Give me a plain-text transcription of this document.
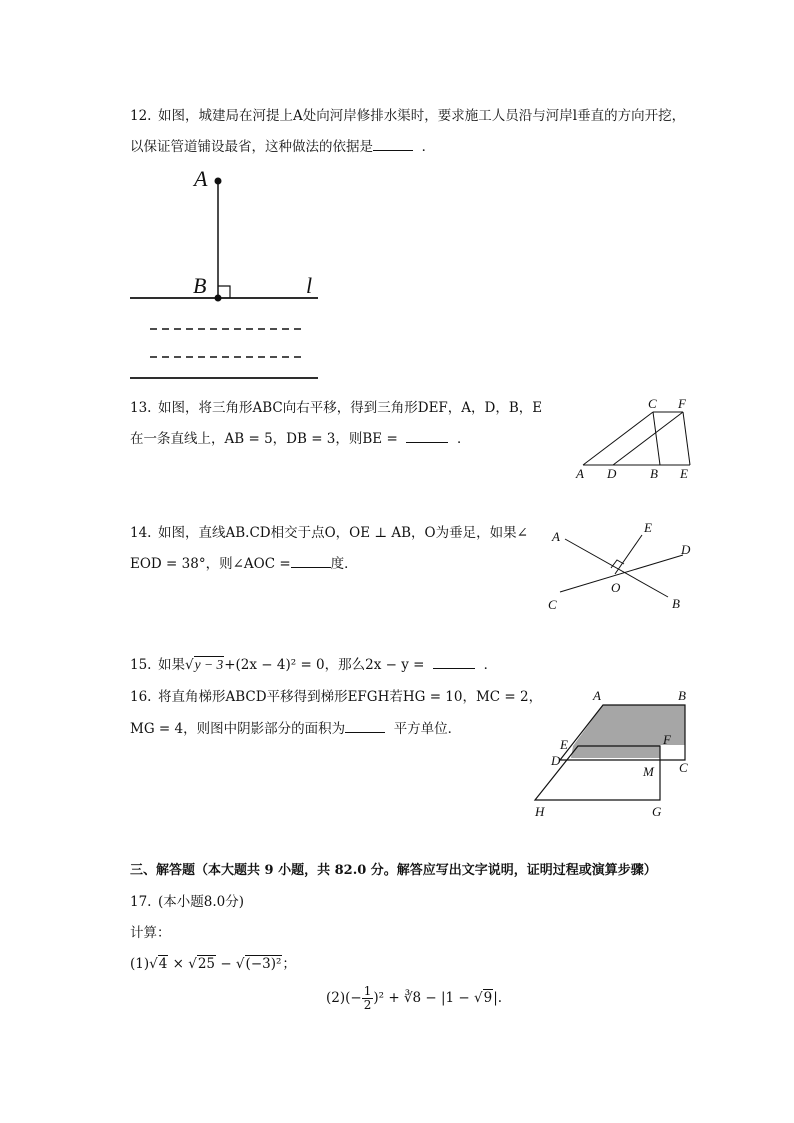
12. 如图，城建局在河提上A处向河岸修排水渠时，要求施工人员沿与河岸l垂直的方向开挖，
以保证管道铺设最省，这种做法的依据是	．
A
B	l
13. 如图，将三角形ABC向右平移，得到三角形DEF，A，D，B，E
在一条直线上，AB = 5，DB = 3，则BE =	．
C F
A D	B E
14. 如图，直线AB.CD相交于点O，OE ⊥ AB，O为垂足，如果∠
EOD = 38°，则∠AOC =	度．
A
E
D
O
C	B
15. 如果√y − 3+(2x − 4)² = 0，那么2x − y =	．
16. 将直角梯形ABCD平移得到梯形EFGH若HG = 10，MC = 2，
MG = 4，则图中阴影部分的面积为	平方单位．
A	B
E	F
D
M C
H	G
三、解答题（本大题共 9 小题，共 82.0 分。解答应写出文字说明，证明过程或演算步骤）
17. (本小题8.0分)
计算：
(1)√4 × √25 − √(−3)²；
$(2)(- \frac{1}{2} )^2$ + ∛8 − |1 − √9|.
